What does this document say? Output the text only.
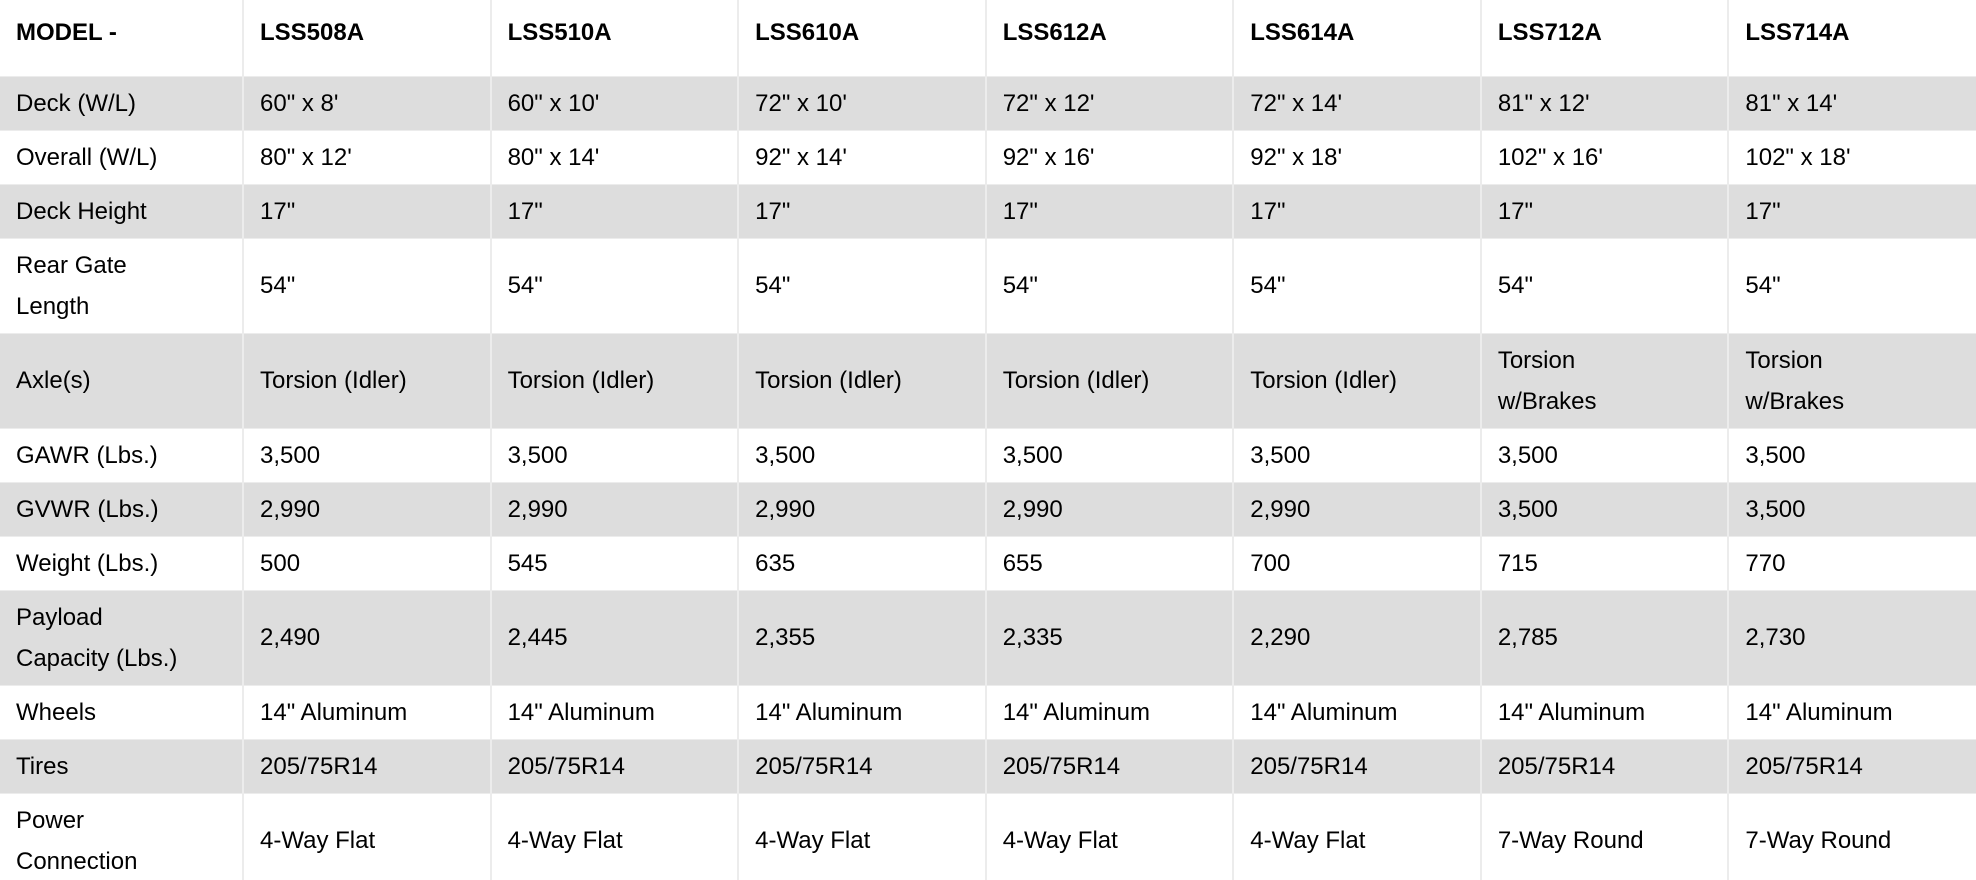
MODEL -	LSS508A	LSS510A	LSS610A	LSS612A	LSS614A	LSS712A	LSS714A
Deck (W/L)	60" x 8'	60" x 10'	72" x 10'	72" x 12'	72" x 14'	81" x 12'	81" x 14'
Overall (W/L)	80" x 12'	80" x 14'	92" x 14'	92" x 16'	92" x 18'	102" x 16'	102" x 18'
Deck Height	17"	17"	17"	17"	17"	17"	17"
Rear Gate Length	54"	54"	54"	54"	54"	54"	54"
Axle(s)	Torsion (Idler)	Torsion (Idler)	Torsion (Idler)	Torsion (Idler)	Torsion (Idler)	Torsion w/Brakes	Torsion w/Brakes
GAWR (Lbs.)	3,500	3,500	3,500	3,500	3,500	3,500	3,500
GVWR (Lbs.)	2,990	2,990	2,990	2,990	2,990	3,500	3,500
Weight (Lbs.)	500	545	635	655	700	715	770
Payload Capacity (Lbs.)	2,490	2,445	2,355	2,335	2,290	2,785	2,730
Wheels	14" Aluminum	14" Aluminum	14" Aluminum	14" Aluminum	14" Aluminum	14" Aluminum	14" Aluminum
Tires	205/75R14	205/75R14	205/75R14	205/75R14	205/75R14	205/75R14	205/75R14
Power Connection	4-Way Flat	4-Way Flat	4-Way Flat	4-Way Flat	4-Way Flat	7-Way Round	7-Way Round
